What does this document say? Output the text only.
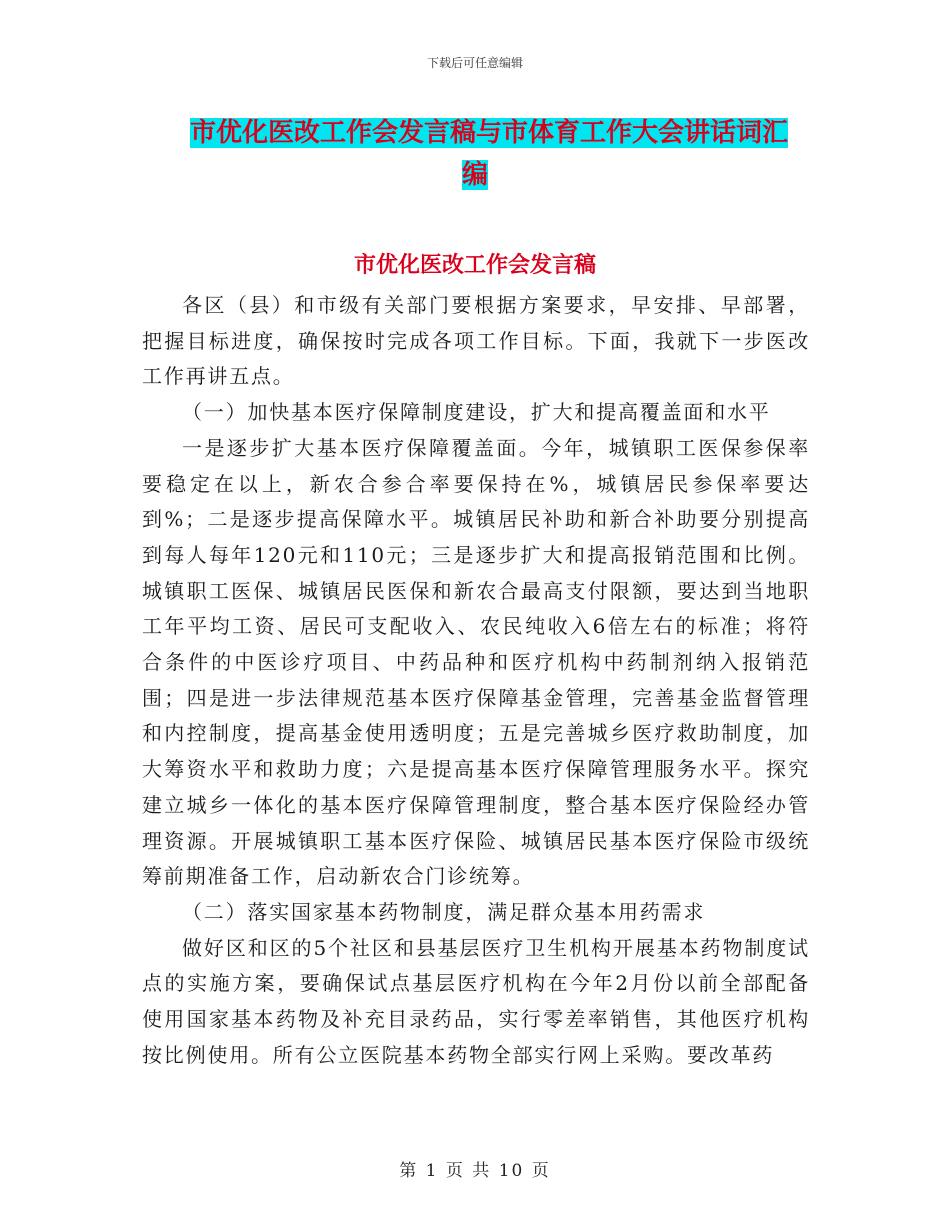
下载后可任意编辑
市优化医改工作会发言稿与市体育工作大会讲话词汇
编
市优化医改工作会发言稿

各区（县）和市级有关部门要根据方案要求，早安排、早部署，把握目标进度，确保按时完成各项工作目标。下面，我就下一步医改工作再讲五点。

（一）加快基本医疗保障制度建设，扩大和提高覆盖面和水平

一是逐步扩大基本医疗保障覆盖面。今年，城镇职工医保参保率要稳定在以上，新农合参合率要保持在%，城镇居民参保率要达到%；二是逐步提高保障水平。城镇居民补助和新合补助要分别提高到每人每年120元和110元；三是逐步扩大和提高报销范围和比例。城镇职工医保、城镇居民医保和新农合最高支付限额，要达到当地职工年平均工资、居民可支配收入、农民纯收入6倍左右的标准；将符合条件的中医诊疗项目、中药品种和医疗机构中药制剂纳入报销范围；四是进一步法律规范基本医疗保障基金管理，完善基金监督管理和内控制度，提高基金使用透明度；五是完善城乡医疗救助制度，加大筹资水平和救助力度；六是提高基本医疗保障管理服务水平。探究建立城乡一体化的基本医疗保障管理制度，整合基本医疗保险经办管理资源。开展城镇职工基本医疗保险、城镇居民基本医疗保险市级统筹前期准备工作，启动新农合门诊统筹。

（二）落实国家基本药物制度，满足群众基本用药需求

做好区和区的5个社区和县基层医疗卫生机构开展基本药物制度试点的实施方案，要确保试点基层医疗机构在今年2月份以前全部配备使用国家基本药物及补充目录药品，实行零差率销售，其他医疗机构按比例使用。所有公立医院基本药物全部实行网上采购。要改革药

第 1 页 共 10 页
